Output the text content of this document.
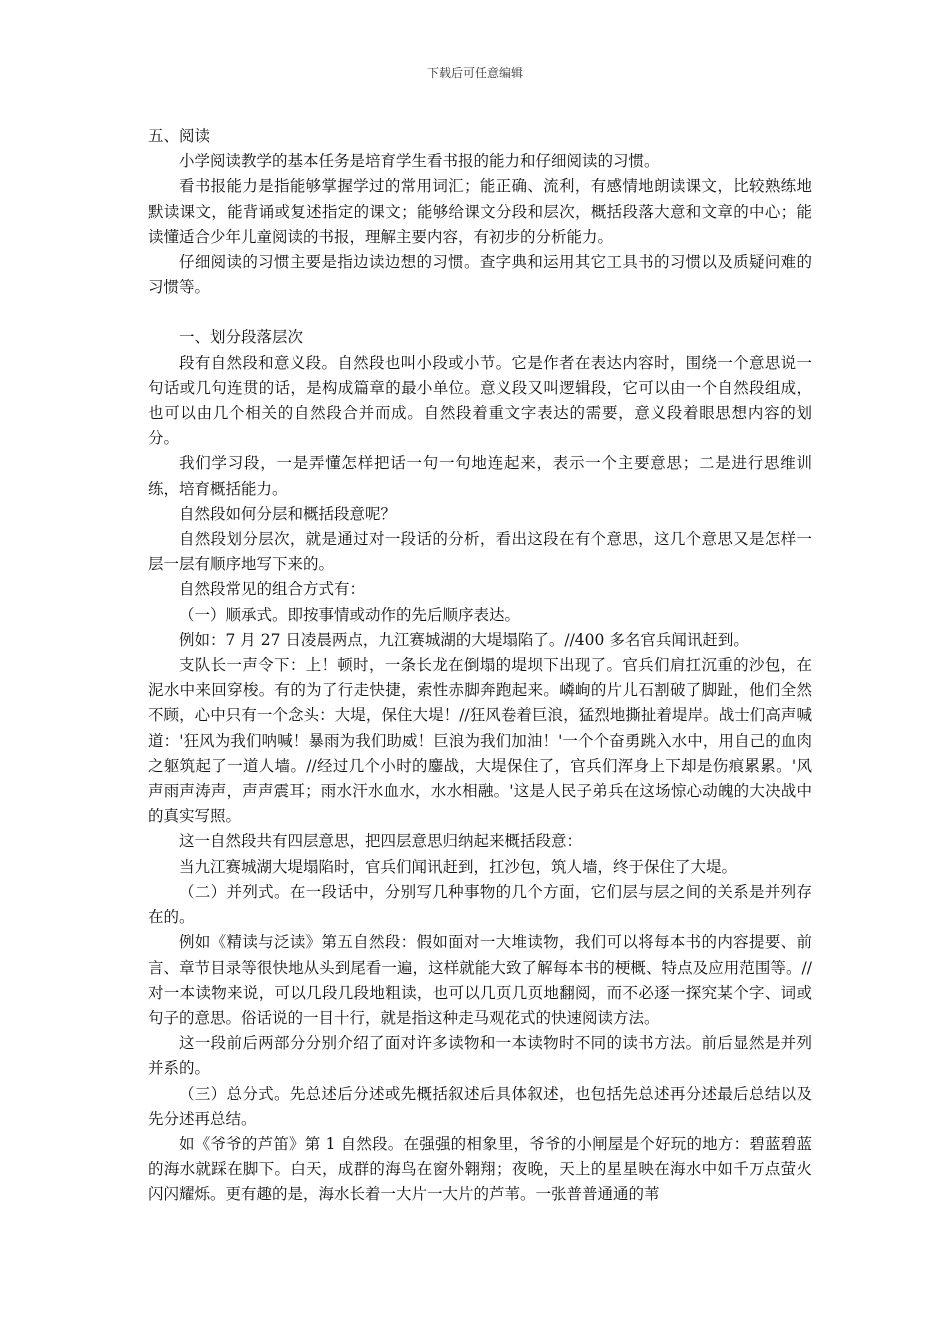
下载后可任意编辑

五、阅读

小学阅读教学的基本任务是培育学生看书报的能力和仔细阅读的习惯。

看书报能力是指能够掌握学过的常用词汇；能正确、流利，有感情地朗读课文，比较熟练地默读课文，能背诵或复述指定的课文；能够给课文分段和层次，概括段落大意和文章的中心；能读懂适合少年儿童阅读的书报，理解主要内容，有初步的分析能力。

仔细阅读的习惯主要是指边读边想的习惯。查字典和运用其它工具书的习惯以及质疑问难的习惯等。

一、划分段落层次

段有自然段和意义段。自然段也叫小段或小节。它是作者在表达内容时，围绕一个意思说一句话或几句连贯的话，是构成篇章的最小单位。意义段又叫逻辑段，它可以由一个自然段组成，也可以由几个相关的自然段合并而成。自然段着重文字表达的需要，意义段着眼思想内容的划分。

我们学习段，一是弄懂怎样把话一句一句地连起来，表示一个主要意思；二是进行思维训练，培育概括能力。

自然段如何分层和概括段意呢？

自然段划分层次，就是通过对一段话的分析，看出这段在有个意思，这几个意思又是怎样一层一层有顺序地写下来的。

自然段常见的组合方式有：

（一）顺承式。即按事情或动作的先后顺序表达。

例如：7 月 27 日凌晨两点，九江赛城湖的大堤塌陷了。//400 多名官兵闻讯赶到。

支队长一声令下：上！顿时，一条长龙在倒塌的堤坝下出现了。官兵们肩扛沉重的沙包，在泥水中来回穿梭。有的为了行走快捷，索性赤脚奔跑起来。嶙峋的片儿石割破了脚趾，他们全然不顾，心中只有一个念头：大堤，保住大堤！//狂风卷着巨浪，猛烈地撕扯着堤岸。战士们高声喊道：'狂风为我们呐喊！暴雨为我们助威！巨浪为我们加油！'一个个奋勇跳入水中，用自己的血肉之躯筑起了一道人墙。//经过几个小时的鏖战，大堤保住了，官兵们浑身上下却是伤痕累累。'风声雨声涛声，声声震耳；雨水汗水血水，水水相融。'这是人民子弟兵在这场惊心动魄的大决战中的真实写照。

这一自然段共有四层意思，把四层意思归纳起来概括段意：

当九江赛城湖大堤塌陷时，官兵们闻讯赶到，扛沙包，筑人墙，终于保住了大堤。

（二）并列式。在一段话中，分别写几种事物的几个方面，它们层与层之间的关系是并列存在的。

例如《精读与泛读》第五自然段：假如面对一大堆读物，我们可以将每本书的内容提要、前言、章节目录等很快地从头到尾看一遍，这样就能大致了解每本书的梗概、特点及应用范围等。//对一本读物来说，可以几段几段地粗读，也可以几页几页地翻阅，而不必逐一探究某个字、词或句子的意思。俗话说的一目十行，就是指这种走马观花式的快速阅读方法。

这一段前后两部分分别介绍了面对许多读物和一本读物时不同的读书方法。前后显然是并列并系的。

（三）总分式。先总述后分述或先概括叙述后具体叙述，也包括先总述再分述最后总结以及先分述再总结。

如《爷爷的芦笛》第 1 自然段。在强强的相象里，爷爷的小闸屋是个好玩的地方：碧蓝碧蓝的海水就踩在脚下。白天，成群的海鸟在窗外翱翔；夜晚，天上的星星映在海水中如千万点萤火闪闪耀烁。更有趣的是，海水长着一大片一大片的芦苇。一张普普通通的苇
